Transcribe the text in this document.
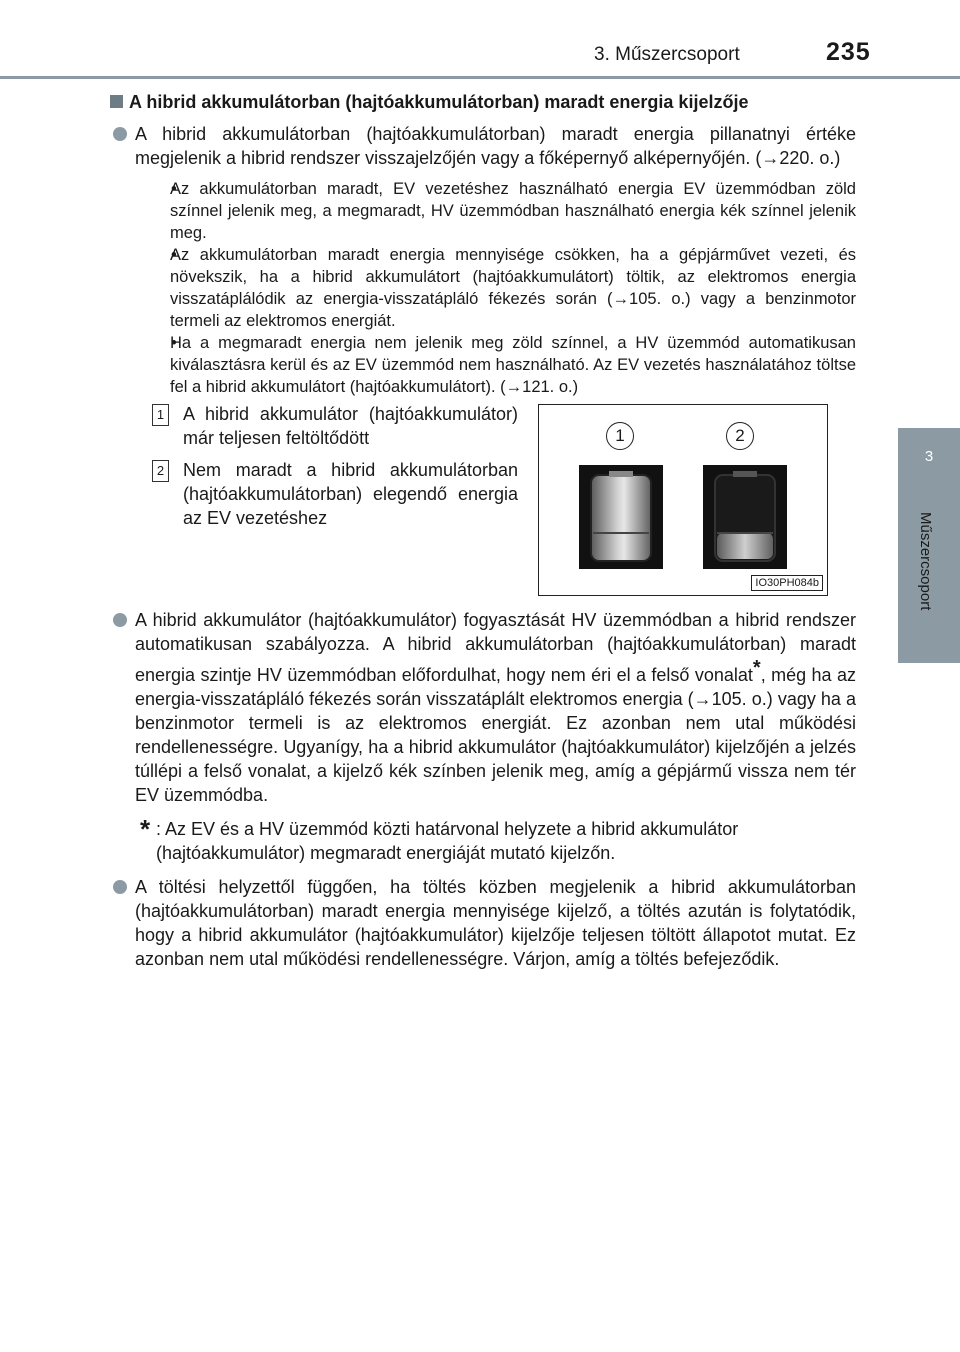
3. Műszercsoport	235
3
Műszercsoport
A hibrid akkumulátorban (hajtóakkumulátorban) maradt energia kijelzője
A hibrid akkumulátorban (hajtóakkumulátorban) maradt energia pillanatnyi értéke megjelenik a hibrid rendszer visszajelzőjén vagy a főképernyő alképernyőjén. (→220. o.)
• Az akkumulátorban maradt, EV vezetéshez használható energia EV üzemmódban zöld színnel jelenik meg, a megmaradt, HV üzemmódban használható energia kék színnel jelenik meg.
• Az akkumulátorban maradt energia mennyisége csökken, ha a gépjárművet vezeti, és növekszik, ha a hibrid akkumulátort (hajtóakkumulátort) töltik, az elektromos energia visszatáplálódik az energia-visszatápláló fékezés során (→105. o.) vagy a benzinmotor termeli az elektromos energiát.
• Ha a megmaradt energia nem jelenik meg zöld színnel, a HV üzemmód automatikusan kiválasztásra kerül és az EV üzemmód nem használható. Az EV vezetés használatához töltse fel a hibrid akkumulátort (hajtóakkumulátort). (→121. o.)
1 A hibrid akkumulátor (hajtóakkumulátor) már teljesen feltöltődött
2 Nem maradt a hibrid akkumulátorban (hajtóakkumulátorban) elegendő energia az EV vezetéshez
1	2
IO30PH084b
A hibrid akkumulátor (hajtóakkumulátor) fogyasztását HV üzemmódban a hibrid rendszer automatikusan szabályozza. A hibrid akkumulátorban (hajtóakkumulátorban) maradt energia szintje HV üzemmódban előfordulhat, hogy nem éri el a felső vonalat*, még ha az energia-visszatápláló fékezés során visszatáplált elektromos energia (→105. o.) vagy ha a benzinmotor termeli is az elektromos energiát. Ez azonban nem utal működési rendellenességre. Ugyanígy, ha a hibrid akkumulátor (hajtóakkumulátor) kijelzőjén a jelzés túllépi a felső vonalat, a kijelző kék színben jelenik meg, amíg a gépjármű vissza nem tér EV üzemmódba.
* : Az EV és a HV üzemmód közti határvonal helyzete a hibrid akkumulátor (hajtóakkumulátor) megmaradt energiáját mutató kijelzőn.
A töltési helyzettől függően, ha töltés közben megjelenik a hibrid akkumulátorban (hajtóakkumulátorban) maradt energia mennyisége kijelző, a töltés azután is folytatódik, hogy a hibrid akkumulátor (hajtóakkumulátor) kijelzője teljesen töltött állapotot mutat. Ez azonban nem utal működési rendellenességre. Várjon, amíg a töltés befejeződik.
